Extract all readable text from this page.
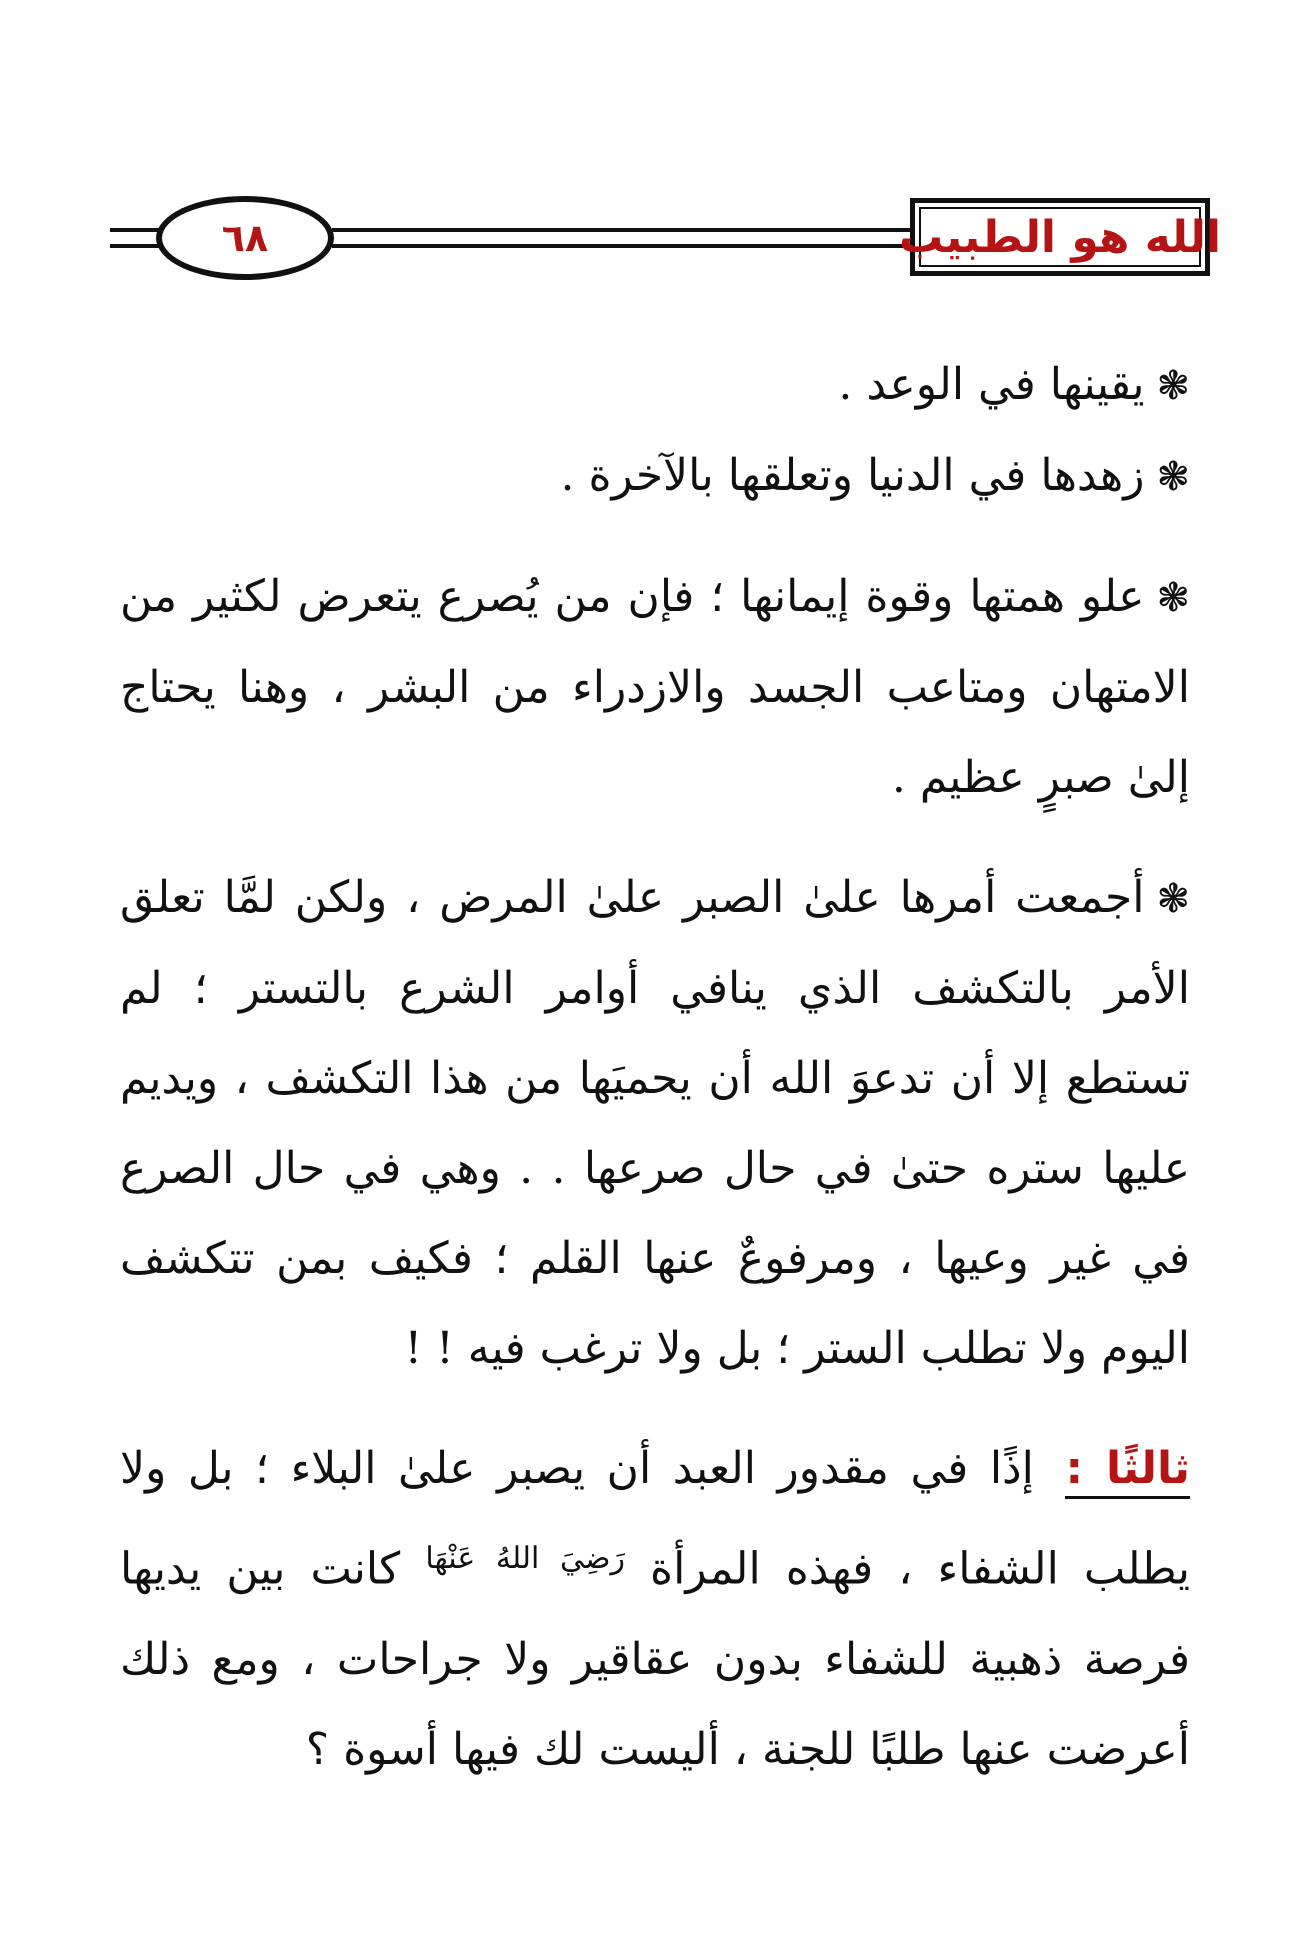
٦٨	الله هو الطبيب

❃يقينها في الوعد .

❃زهدها في الدنيا وتعلقها بالآخرة .

❃علو همتها وقوة إيمانها ؛ فإن من يُصرع يتعرض لكثير من الامتهان ومتاعب الجسد والازدراء من البشر ، وهنا يحتاج إلىٰ صبرٍ عظيم .

❃أجمعت أمرها علىٰ الصبر علىٰ المرض ، ولكن لمَّا تعلق الأمر بالتكشف الذي ينافي أوامر الشرع بالتستر ؛ لم تستطع إلا أن تدعوَ الله أن يحميَها من هذا التكشف ، ويديم عليها ستره حتىٰ في حال صرعها . . وهي في حال الصرع في غير وعيها ، ومرفوعٌ عنها القلم ؛ فكيف بمن تتكشف اليوم ولا تطلب الستر ؛ بل ولا ترغب فيه ! !

ثالثًا : إذًا في مقدور العبد أن يصبر علىٰ البلاء ؛ بل ولا يطلب الشفاء ، فهذه المرأة $^{رَضِيَ اللهُ عَنْهَا}$ كانت بين يديها فرصة ذهبية للشفاء بدون عقاقير ولا جراحات ، ومع ذلك أعرضت عنها طلبًا للجنة ، أليست لك فيها أسوة ؟
